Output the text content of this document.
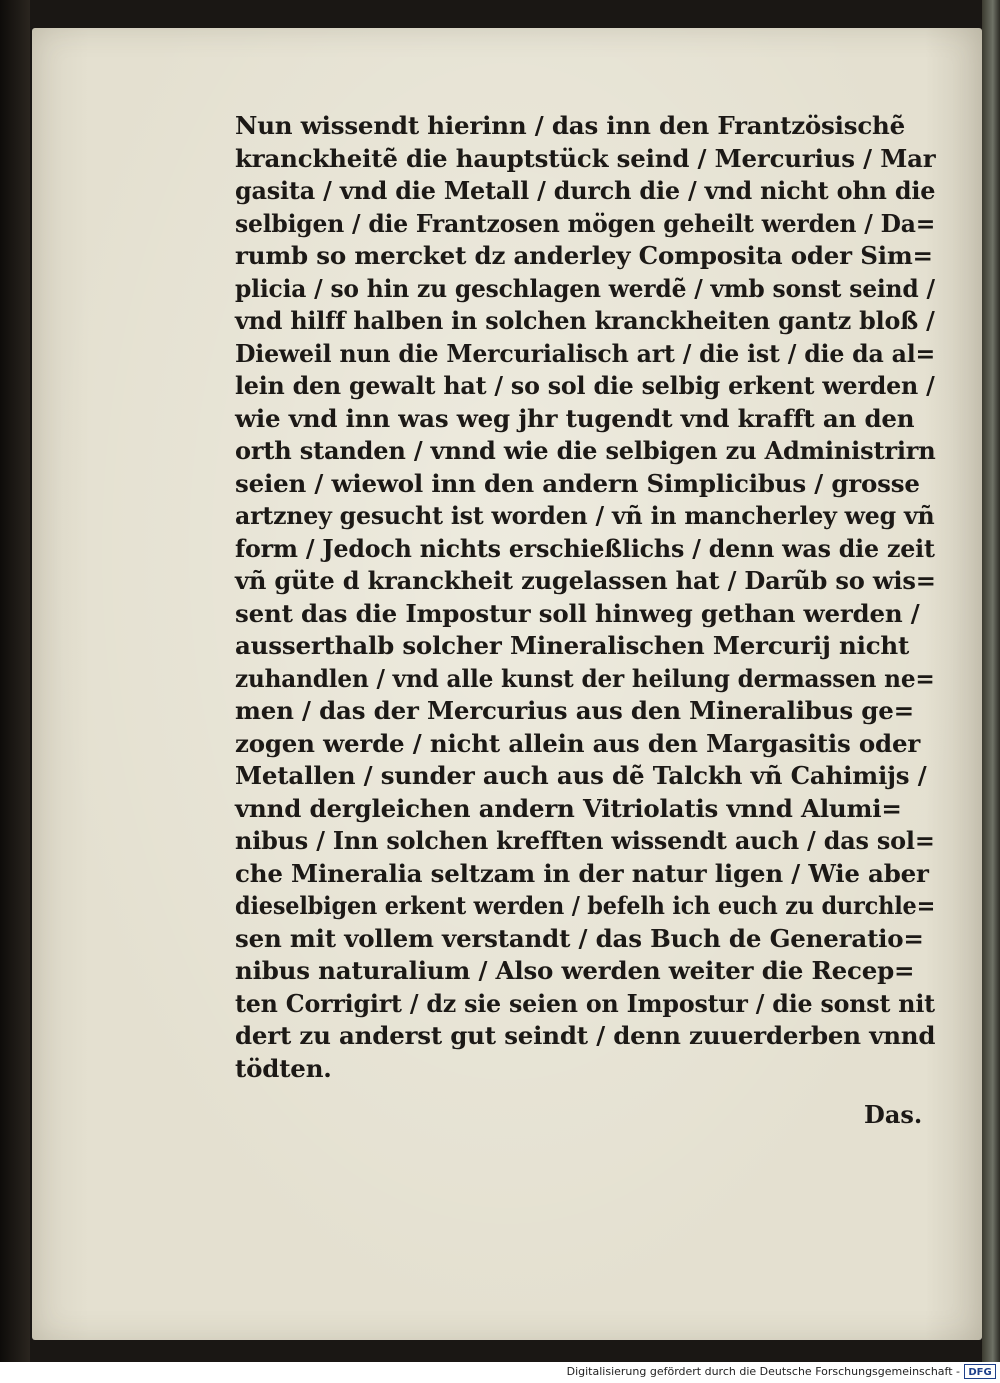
Nun wissendt hierinn / das inn den Frantzösischẽ
kranckheitẽ die hauptstück seind / Mercurius / Mar
gasita / vnd die Metall / durch die / vnd nicht ohn die
selbigen / die Frantzosen mögen geheilt werden / Da=
rumb so mercket dz anderley Composita oder Sim=
plicia / so hin zu geschlagen werdẽ / vmb sonst seind /
vnd hilff halben in solchen kranckheiten gantz bloß /
Dieweil nun die Mercurialisch art / die ist / die da al=
lein den gewalt hat / so sol die selbig erkent werden /
wie vnd inn was weg jhr tugendt vnd krafft an den
orth standen / vnnd wie die selbigen zu Administrirn
seien / wiewol inn den andern Simplicibus / grosse
artzney gesucht ist worden / vñ in mancherley weg vñ
form / Jedoch nichts erschießlichs / denn was die zeit
vñ güte d kranckheit zugelassen hat / Darũb so wis=
sent das die Impostur soll hinweg gethan werden /
ausserthalb solcher Mineralischen Mercurij nicht
zuhandlen / vnd alle kunst der heilung dermassen ne=
men / das der Mercurius aus den Mineralibus ge=
zogen werde / nicht allein aus den Margasitis oder
Metallen / sunder auch aus dẽ Talckh vñ Cahimijs /
vnnd dergleichen andern Vitriolatis vnnd Alumi=
nibus / Inn solchen krefften wissendt auch / das sol=
che Mineralia seltzam in der natur ligen / Wie aber
dieselbigen erkent werden / befelh ich euch zu durchle=
sen mit vollem verstandt / das Buch de Generatio=
nibus naturalium / Also werden weiter die Recep=
ten Corrigirt / dz sie seien on Impostur / die sonst nit
dert zu anderst gut seindt / denn zuuerderben vnnd
tödten.
Das.
Digitalisierung gefördert durch die Deutsche Forschungsgemeinschaft - DFG
